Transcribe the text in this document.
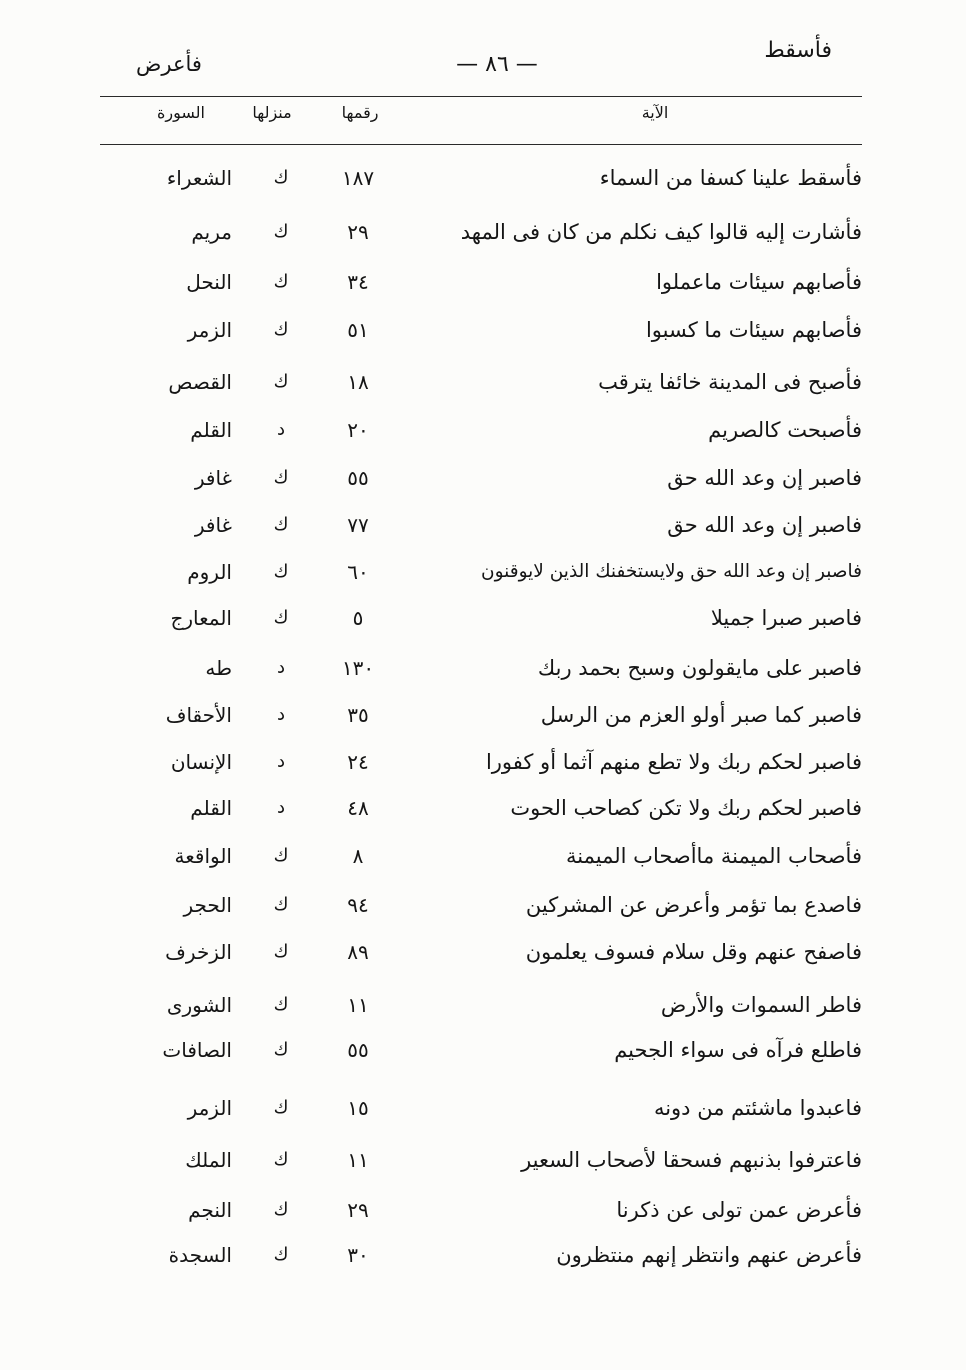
فأسقط
— ٨٦ —
فأعرض
الآية
رقمها
منزلها
السورة
فأسقط علينا كسفا من السماء
١٨٧
ك
الشعراء
فأشارت إليه قالوا كيف نكلم من كان فى المهد
٢٩
ك
مريم
فأصابهم سيئات ماعملوا
٣٤
ك
النحل
فأصابهم سيئات ما كسبوا
٥١
ك
الزمر
فأصبح فى المدينة خائفا يترقب
١٨
ك
القصص
فأصبحت كالصريم
٢٠
د
القلم
فاصبر إن وعد الله حق
٥٥
ك
غافر
فاصبر إن وعد الله حق
٧٧
ك
غافر
فاصبر إن وعد الله حق ولايستخفنك الذين لايوقنون
٦٠
ك
الروم
فاصبر صبرا جميلا
٥
ك
المعارج
فاصبر على مايقولون وسبح بحمد ربك
١٣٠
د
طه
فاصبر كما صبر أولو العزم من الرسل
٣٥
د
الأحقاف
فاصبر لحكم ربك ولا تطع منهم آثما أو كفورا
٢٤
د
الإنسان
فاصبر لحكم ربك ولا تكن كصاحب الحوت
٤٨
د
القلم
فأصحاب الميمنة ماأصحاب الميمنة
٨
ك
الواقعة
فاصدع بما تؤمر وأعرض عن المشركين
٩٤
ك
الحجر
فاصفح عنهم وقل سلام فسوف يعلمون
٨٩
ك
الزخرف
فاطر السموات والأرض
١١
ك
الشورى
فاطلع فرآه فى سواء الجحيم
٥٥
ك
الصافات
فاعبدوا ماشئتم من دونه
١٥
ك
الزمر
فاعترفوا بذنبهم فسحقا لأصحاب السعير
١١
ك
الملك
فأعرض عمن تولى عن ذكرنا
٢٩
ك
النجم
فأعرض عنهم وانتظر إنهم منتظرون
٣٠
ك
السجدة
